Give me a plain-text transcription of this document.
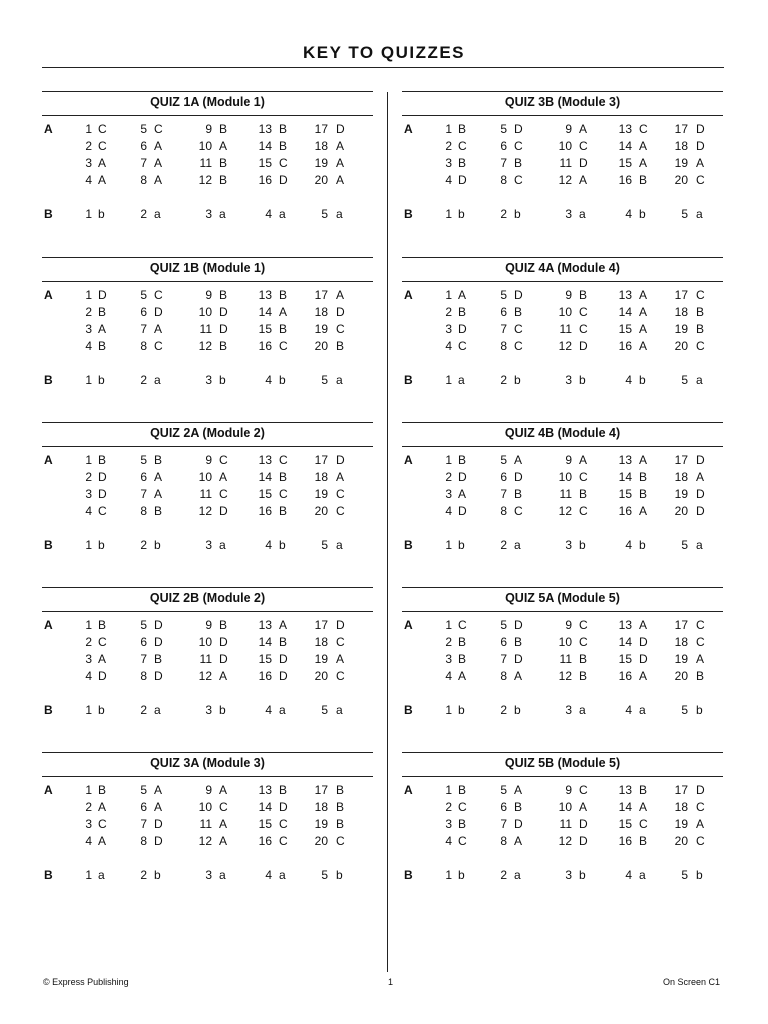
KEY TO QUIZZES
QUIZ 1A (Module 1)
A	1 C	5 C	9 B	13 B	17 D
2 C	6 A	10 A	14 B	18 A
3 A	7 A	11 B	15 C	19 A
4 A	8 A	12 B	16 D	20 A
B	1 b	2 a	3 a	4 a	5 a
QUIZ 3B (Module 3)
A	1 B	5 D	9 A	13 C	17 D
2 C	6 C	10 C	14 A	18 D
3 B	7 B	11 D	15 A	19 A
4 D	8 C	12 A	16 B	20 C
B	1 b	2 b	3 a	4 b	5 a
QUIZ 1B (Module 1)
A	1 D	5 C	9 B	13 B	17 A
2 B	6 D	10 D	14 A	18 D
3 A	7 A	11 D	15 B	19 C
4 B	8 C	12 B	16 C	20 B
B	1 b	2 a	3 b	4 b	5 a
QUIZ 4A (Module 4)
A	1 A	5 D	9 B	13 A	17 C
2 B	6 B	10 C	14 A	18 B
3 D	7 C	11 C	15 A	19 B
4 C	8 C	12 D	16 A	20 C
B	1 a	2 b	3 b	4 b	5 a
QUIZ 2A (Module 2)
A	1 B	5 B	9 C	13 C	17 D
2 D	6 A	10 A	14 B	18 A
3 D	7 A	11 C	15 C	19 C
4 C	8 B	12 D	16 B	20 C
B	1 b	2 b	3 a	4 b	5 a
QUIZ 4B (Module 4)
A	1 B	5 A	9 A	13 A	17 D
2 D	6 D	10 C	14 B	18 A
3 A	7 B	11 B	15 B	19 D
4 D	8 C	12 C	16 A	20 D
B	1 b	2 a	3 b	4 b	5 a
QUIZ 2B (Module 2)
A	1 B	5 D	9 B	13 A	17 D
2 C	6 D	10 D	14 B	18 C
3 A	7 B	11 D	15 D	19 A
4 D	8 D	12 A	16 D	20 C
B	1 b	2 a	3 b	4 a	5 a
QUIZ 5A (Module 5)
A	1 C	5 D	9 C	13 A	17 C
2 B	6 B	10 C	14 D	18 C
3 B	7 D	11 B	15 D	19 A
4 A	8 A	12 B	16 A	20 B
B	1 b	2 b	3 a	4 a	5 b
QUIZ 3A (Module 3)
A	1 B	5 A	9 A	13 B	17 B
2 A	6 A	10 C	14 D	18 B
3 C	7 D	11 A	15 C	19 B
4 A	8 D	12 A	16 C	20 C
B	1 a	2 b	3 a	4 a	5 b
QUIZ 5B (Module 5)
A	1 B	5 A	9 C	13 B	17 D
2 C	6 B	10 A	14 A	18 C
3 B	7 D	11 D	15 C	19 A
4 C	8 A	12 D	16 B	20 C
B	1 b	2 a	3 b	4 a	5 b
© Express Publishing	1	On Screen C1
